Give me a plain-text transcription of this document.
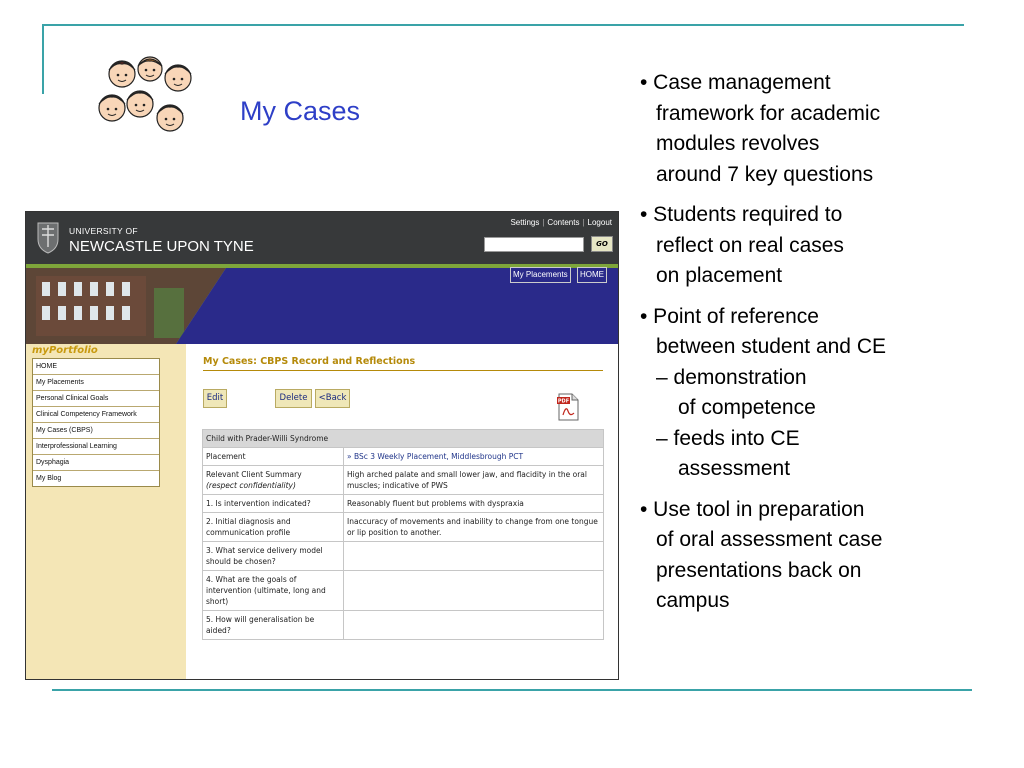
My Cases
• Case management
framework for academic
modules revolves
around 7 key questions
• Students required to
reflect on real cases
on placement
• Point of reference
between student and CE
– demonstration
of competence
– feeds into CE
assessment
• Use tool in preparation
of oral assessment case
presentations back on
campus
UNIVERSITY OF
NEWCASTLE UPON TYNE
Settings | Contents | Logout
GO
My Placements	HOME
myPortfolio
HOME
My Placements
Personal Clinical Goals
Clinical Competency Framework
My Cases (CBPS)
Interprofessional Learning
Dysphagia
My Blog
My Cases: CBPS Record and Reflections
Edit	Delete	<Back	PDF
Child with Prader-Willi Syndrome	
Placement	» BSc 3 Weekly Placement, Middlesbrough PCT
Relevant Client Summary
(respect confidentiality)	High arched palate and small lower jaw, and flacidity in the oral muscles; indicative of PWS
1. Is intervention indicated?	Reasonably fluent but problems with dyspraxia
2. Initial diagnosis and communication profile	Inaccuracy of movements and inability to change from one tongue or lip position to another.
3. What service delivery model should be chosen?	
4. What are the goals of intervention (ultimate, long and short)	
5. How will generalisation be aided?	
